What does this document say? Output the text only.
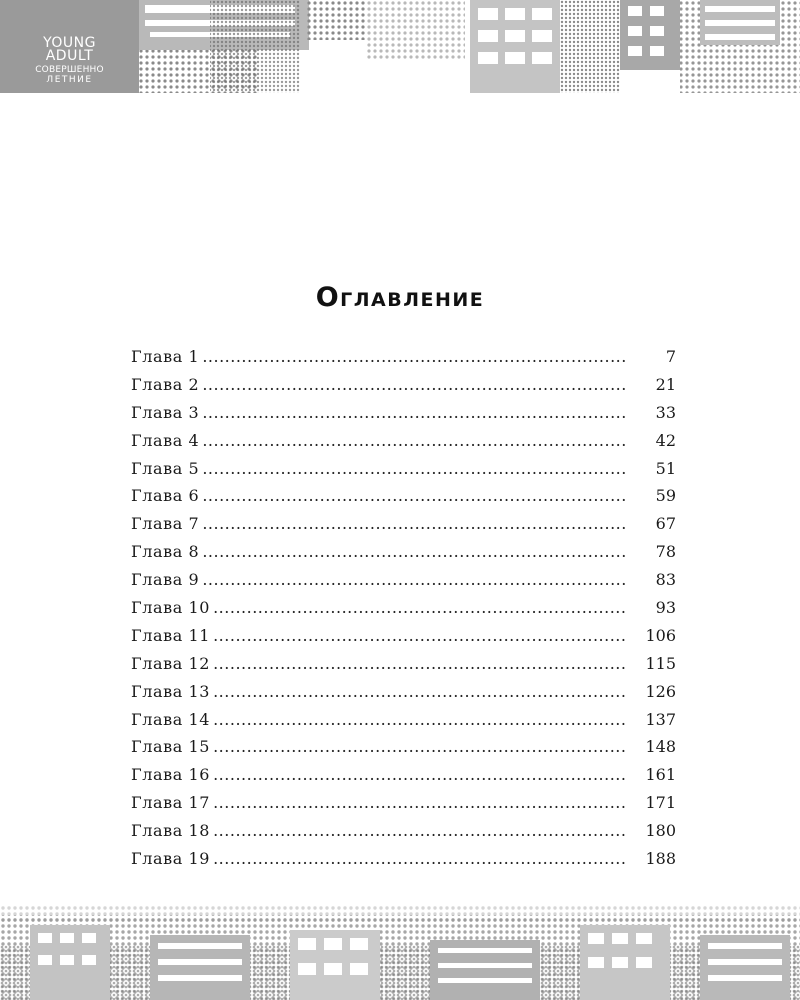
YOUNG
ADULT
СОВЕРШЕННО
ЛЕТНИЕ
Оглавление
Глава 1 .....	7
Глава 2 .....	21
Глава 3 .....	33
Глава 4 .....	42
Глава 5 .....	51
Глава 6 .....	59
Глава 7 .....	67
Глава 8 .....	78
Глава 9 .....	83
Глава 10 .....	93
Глава 11 .....	106
Глава 12 .....	115
Глава 13 .....	126
Глава 14 .....	137
Глава 15 .....	148
Глава 16 .....	161
Глава 17 .....	171
Глава 18 .....	180
Глава 19 .....	188
